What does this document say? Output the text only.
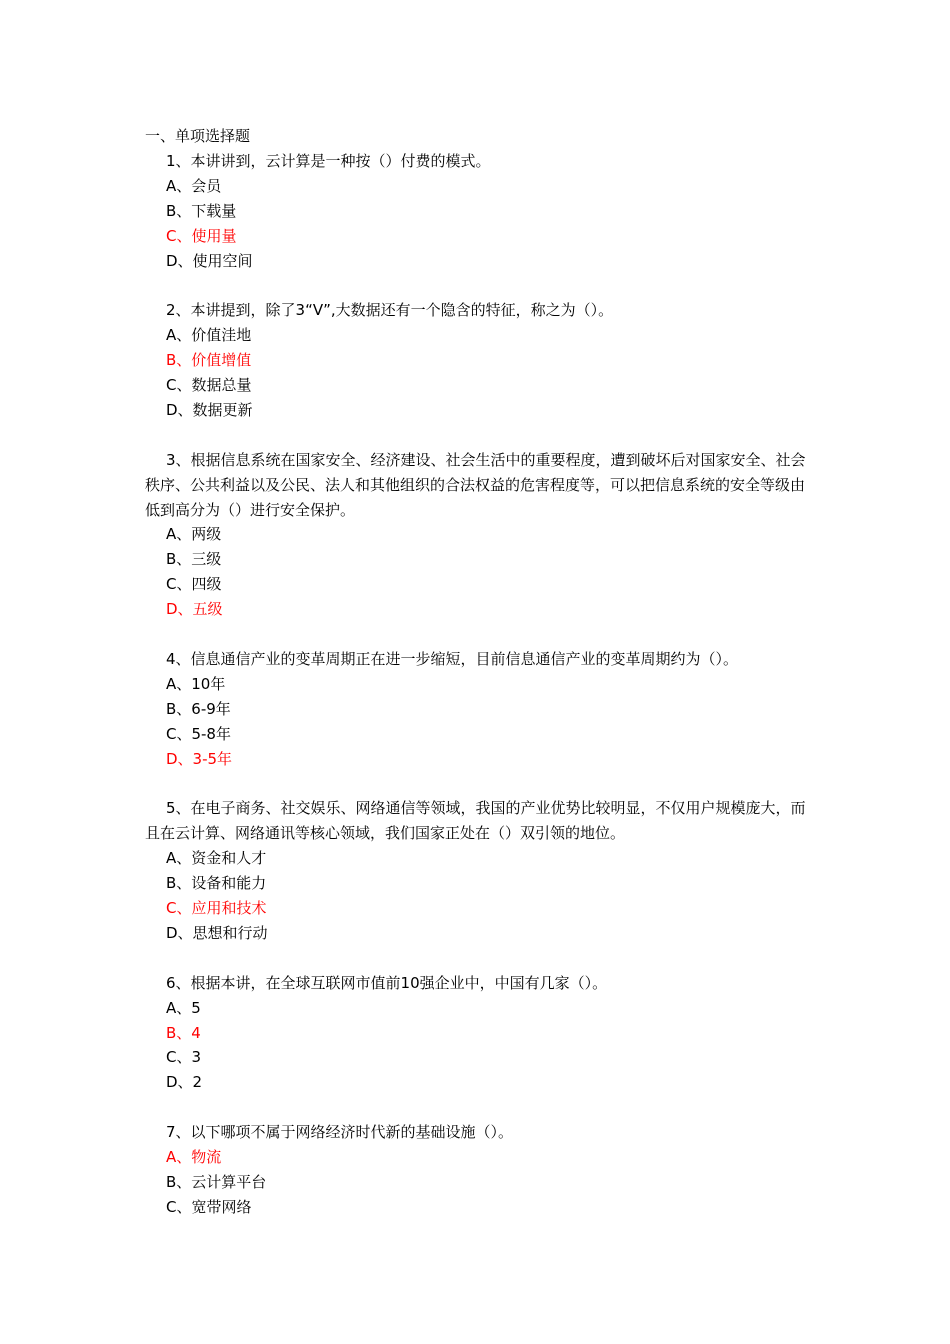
一、单项选择题
1、本讲讲到，云计算是一种按（）付费的模式。
A、会员
B、下载量
C、使用量
D、使用空间
2、本讲提到，除了3“V”,大数据还有一个隐含的特征，称之为（）。
A、价值洼地
B、价值增值
C、数据总量
D、数据更新
3、根据信息系统在国家安全、经济建设、社会生活中的重要程度，遭到破坏后对国家安全、社会秩序、公共利益以及公民、法人和其他组织的合法权益的危害程度等，可以把信息系统的安全等级由低到高分为（）进行安全保护。
A、两级
B、三级
C、四级
D、五级
4、信息通信产业的变革周期正在进一步缩短，目前信息通信产业的变革周期约为（）。
A、10年
B、6-9年
C、5-8年
D、3-5年
5、在电子商务、社交娱乐、网络通信等领域，我国的产业优势比较明显，不仅用户规模庞大，而且在云计算、网络通讯等核心领域，我们国家正处在（）双引领的地位。
A、资金和人才
B、设备和能力
C、应用和技术
D、思想和行动
6、根据本讲，在全球互联网市值前10强企业中，中国有几家（）。
A、5
B、4
C、3
D、2
7、以下哪项不属于网络经济时代新的基础设施（）。
A、物流
B、云计算平台
C、宽带网络
